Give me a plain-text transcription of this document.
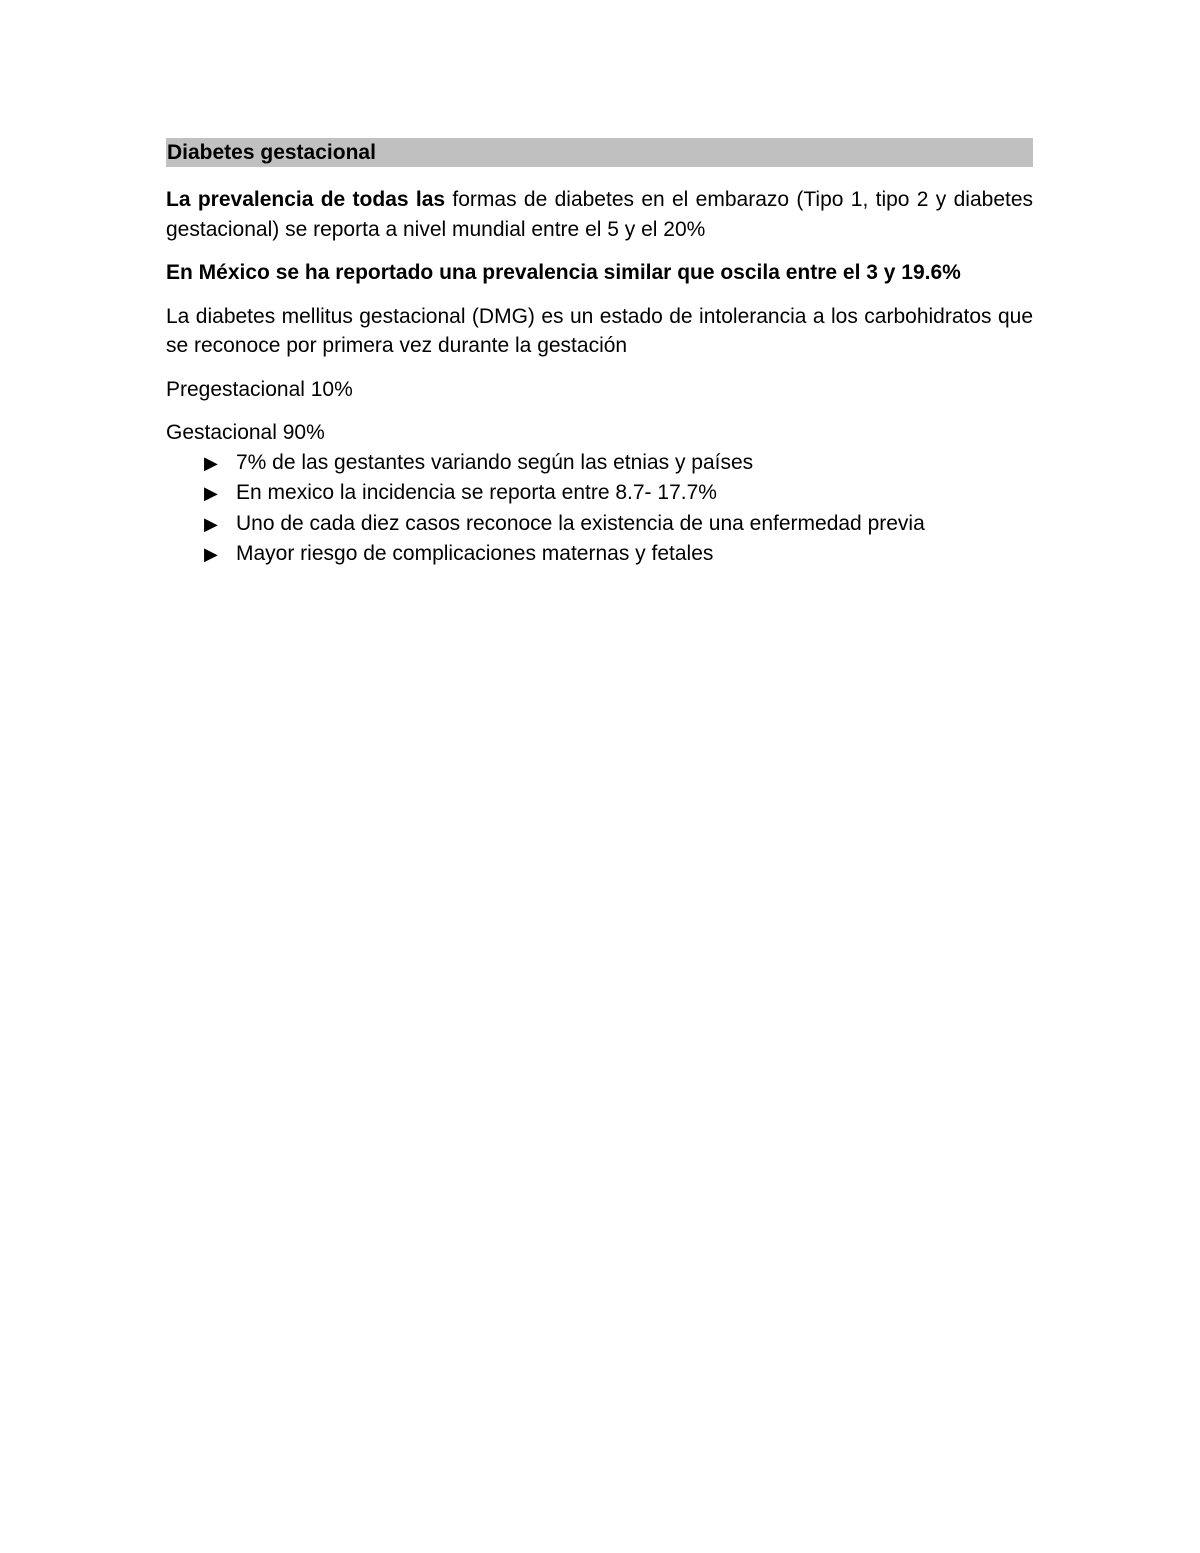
Diabetes gestacional

La prevalencia de todas las formas de diabetes en el embarazo (Tipo 1, tipo 2 y diabetes gestacional) se reporta a nivel mundial entre el 5 y el 20%

En México se ha reportado una prevalencia similar que oscila entre el 3 y 19.6%

La diabetes mellitus gestacional (DMG) es un estado de intolerancia a los carbohidratos que se reconoce por primera vez durante la gestación

Pregestacional 10%

Gestacional 90%

▶ 7% de las gestantes variando según las etnias y países
▶ En mexico la incidencia se reporta entre 8.7- 17.7%
▶ Uno de cada diez casos reconoce la existencia de una enfermedad previa
▶ Mayor riesgo de complicaciones maternas y fetales
